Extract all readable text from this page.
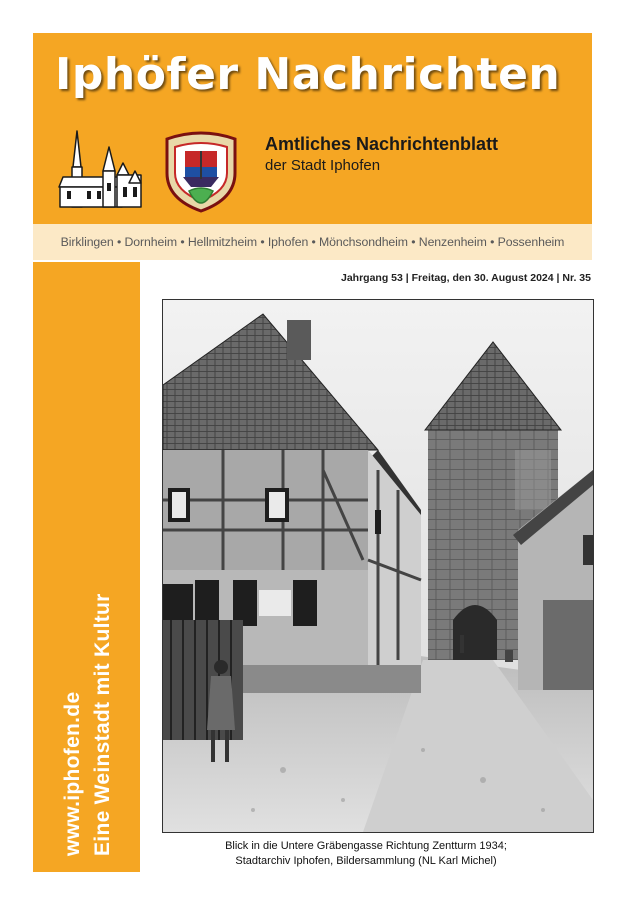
Iphöfer Nachrichten
Amtliches Nachrichtenblatt
der Stadt Iphofen
Birklingen • Dornheim • Hellmitzheim • Iphofen • Mönchsondheim • Nenzenheim • Possenheim
www.iphofen.de Eine Weinstadt mit Kultur
Jahrgang 53 | Freitag, den 30. August 2024 | Nr. 35
Blick in die Untere Gräbengasse Richtung Zentturm 1934;
Stadtarchiv Iphofen, Bildersammlung (NL Karl Michel)
